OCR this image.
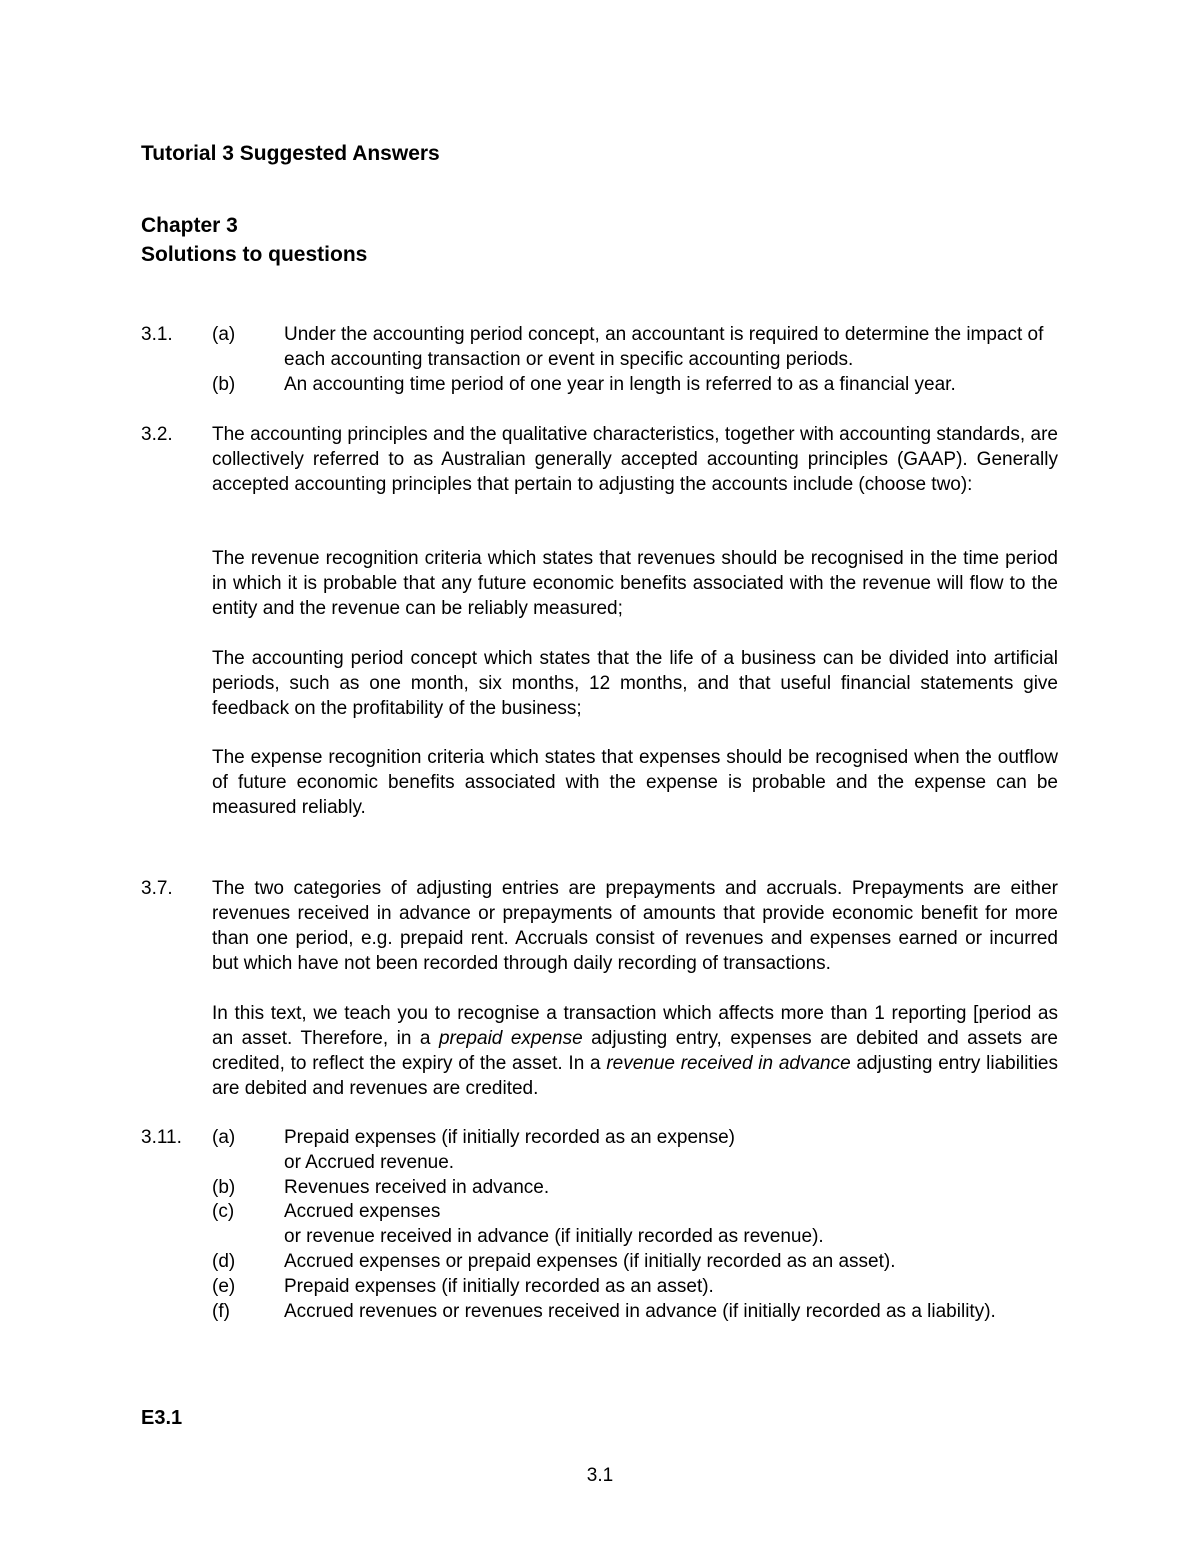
Tutorial 3 Suggested Answers
Chapter 3
Solutions to questions
3.1. (a)	Under the accounting period concept, an accountant is required to determine the impact of each accounting transaction or event in specific accounting periods.
(b)	An accounting time period of one year in length is referred to as a financial year.
3.2. The accounting principles and the qualitative characteristics, together with accounting standards, are collectively referred to as Australian generally accepted accounting principles (GAAP). Generally accepted accounting principles that pertain to adjusting the accounts include (choose two):
The revenue recognition criteria which states that revenues should be recognised in the time period in which it is probable that any future economic benefits associated with the revenue will flow to the entity and the revenue can be reliably measured;
The accounting period concept which states that the life of a business can be divided into artificial periods, such as one month, six months, 12 months, and that useful financial statements give feedback on the profitability of the business;
The expense recognition criteria which states that expenses should be recognised when the outflow of future economic benefits associated with the expense is probable and the expense can be measured reliably.
3.7. The two categories of adjusting entries are prepayments and accruals. Prepayments are either revenues received in advance or prepayments of amounts that provide economic benefit for more than one period, e.g. prepaid rent. Accruals consist of revenues and expenses earned or incurred but which have not been recorded through daily recording of transactions.
In this text, we teach you to recognise a transaction which affects more than 1 reporting [period as an asset. Therefore, in a prepaid expense adjusting entry, expenses are debited and assets are credited, to reflect the expiry of the asset. In a revenue received in advance adjusting entry liabilities are debited and revenues are credited.
3.11. (a)	Prepaid expenses (if initially recorded as an expense)
or Accrued revenue.
(b)	Revenues received in advance.
(c)	Accrued expenses
or revenue received in advance (if initially recorded as revenue).
(d)	Accrued expenses or prepaid expenses (if initially recorded as an asset).
(e)	Prepaid expenses (if initially recorded as an asset).
(f)	Accrued revenues or revenues received in advance (if initially recorded as a liability).
E3.1
3.1
